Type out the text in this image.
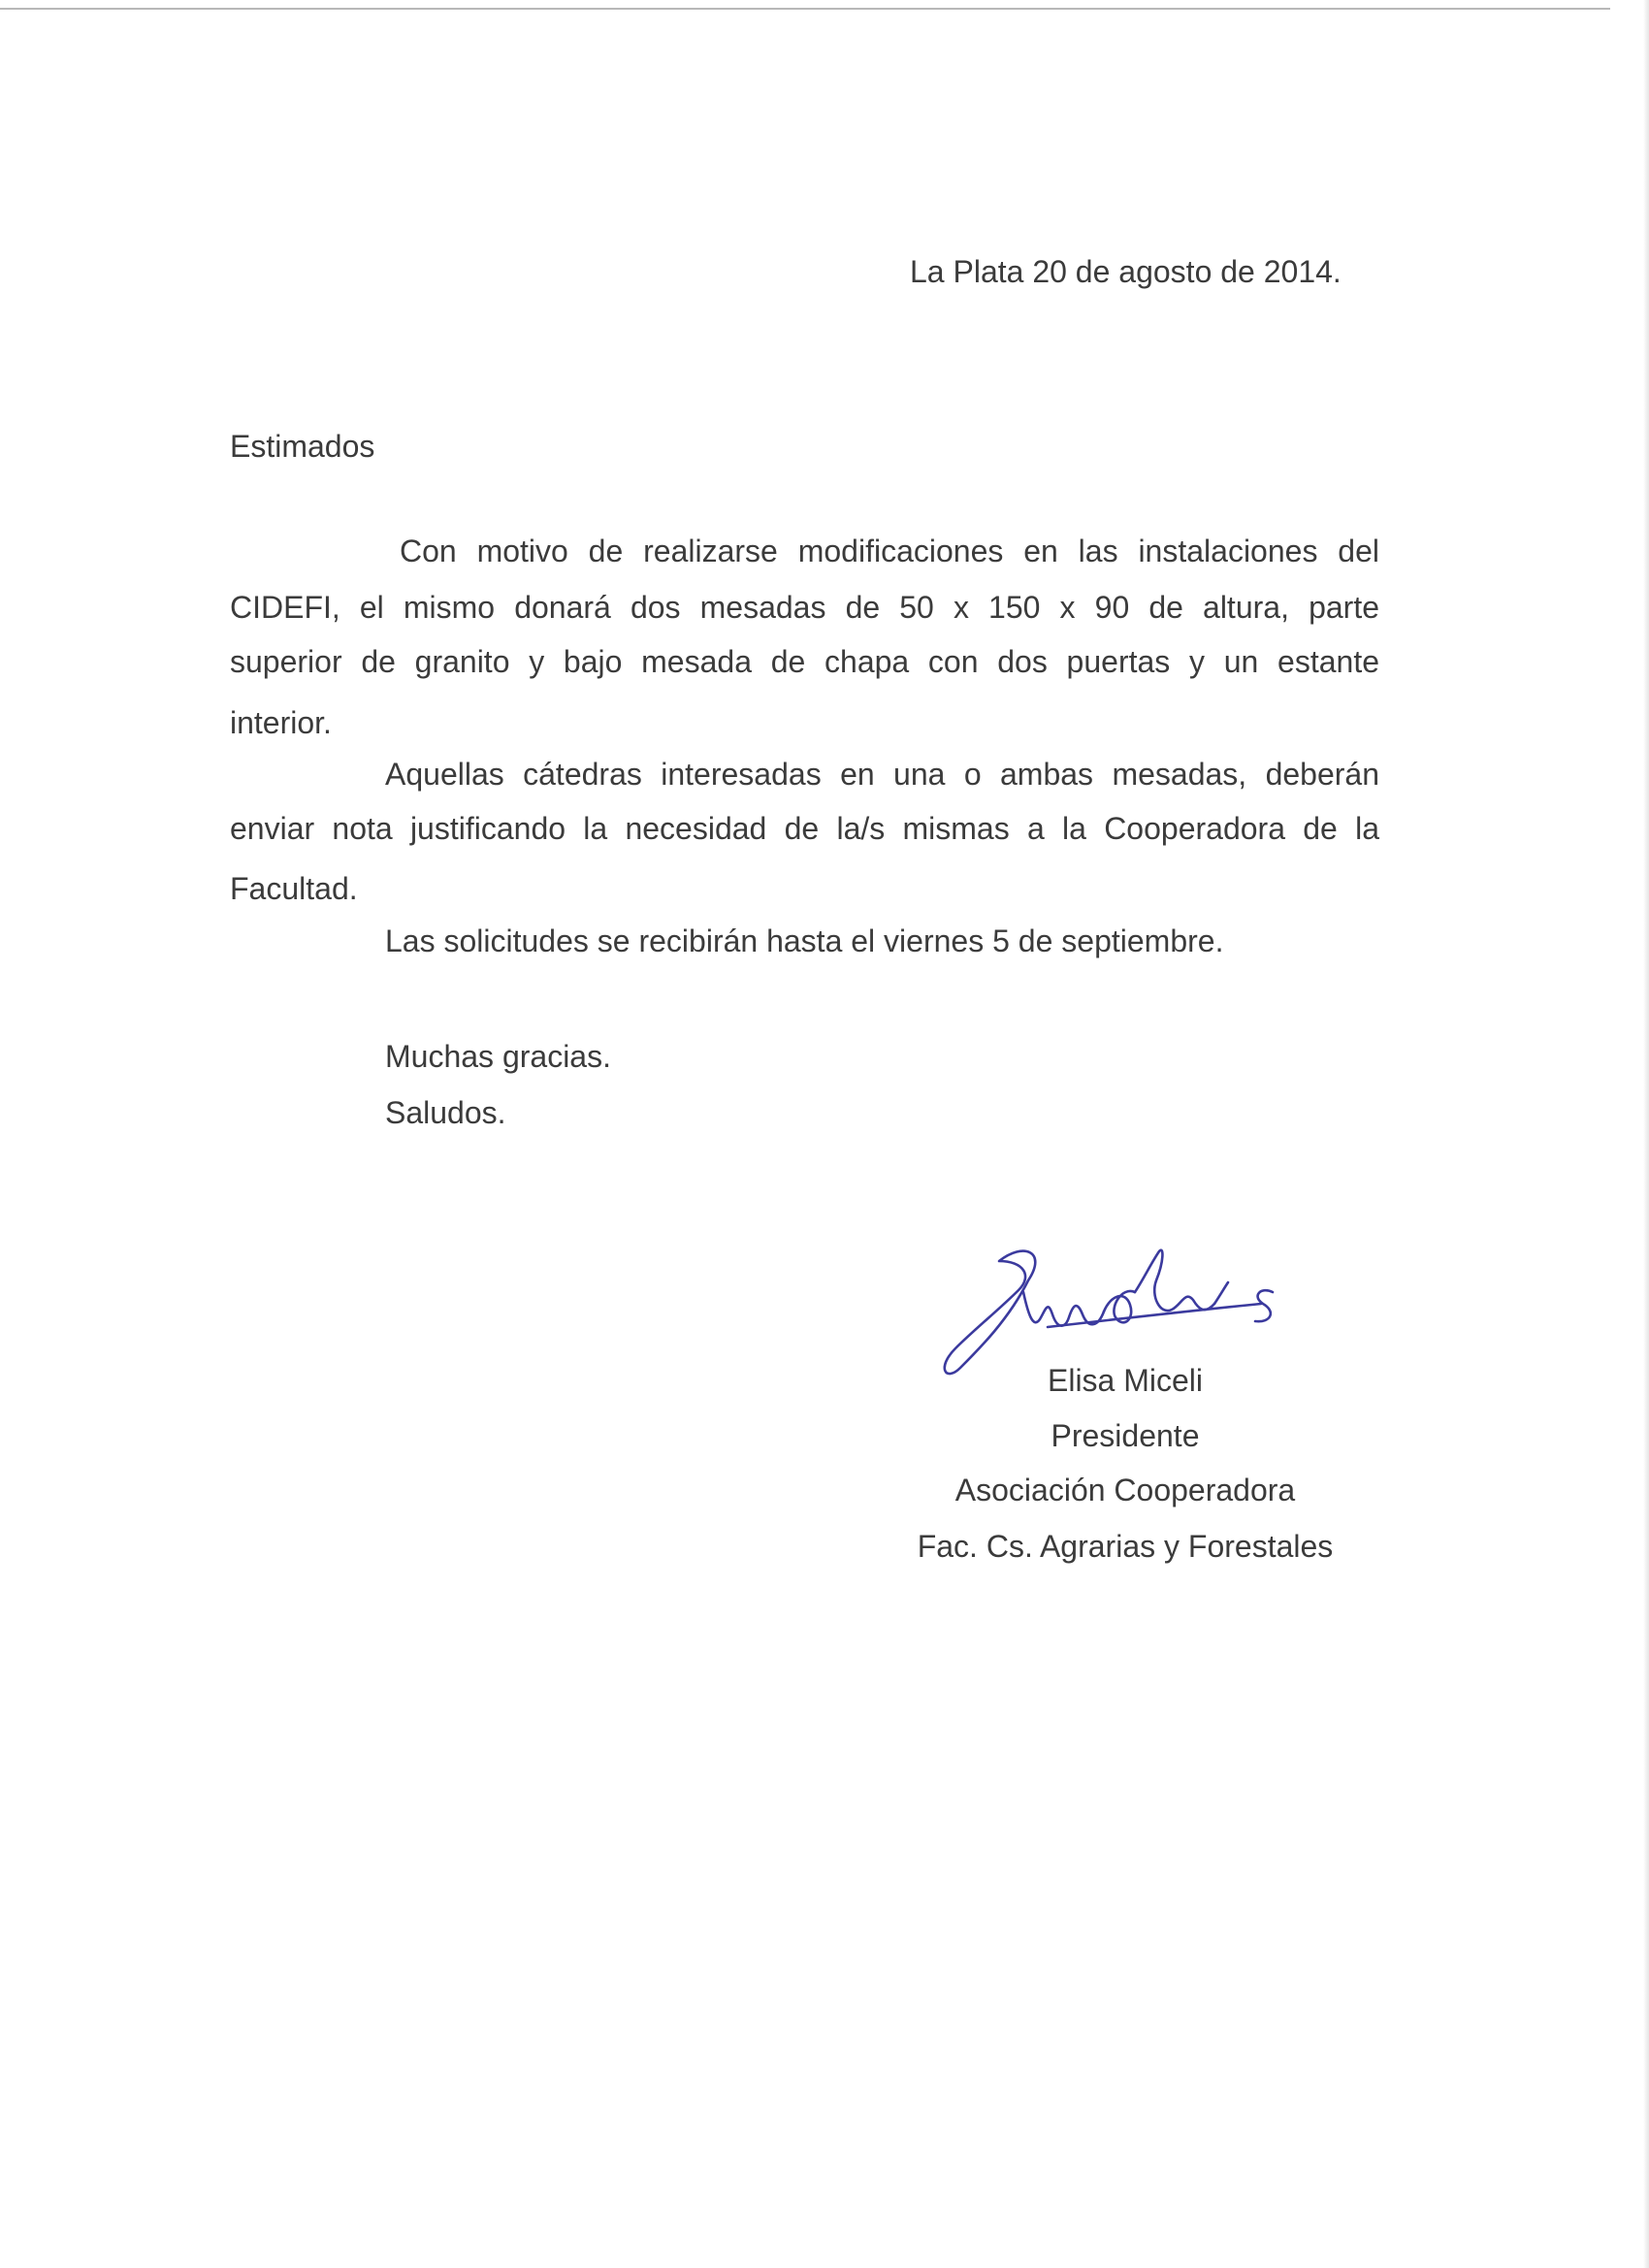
La Plata 20 de agosto de 2014.
Estimados
Con motivo de realizarse modificaciones en las instalaciones del
CIDEFI, el mismo donará dos mesadas de 50 x 150 x 90 de altura, parte
superior de granito y bajo mesada de chapa con dos puertas y un estante
interior.
Aquellas cátedras interesadas en una o ambas mesadas, deberán
enviar nota justificando la necesidad de la/s mismas a la Cooperadora de la
Facultad.
Las solicitudes se recibirán hasta el viernes 5 de septiembre.
Muchas gracias.
Saludos.
Elisa Miceli
Presidente
Asociación Cooperadora
Fac. Cs. Agrarias y Forestales
